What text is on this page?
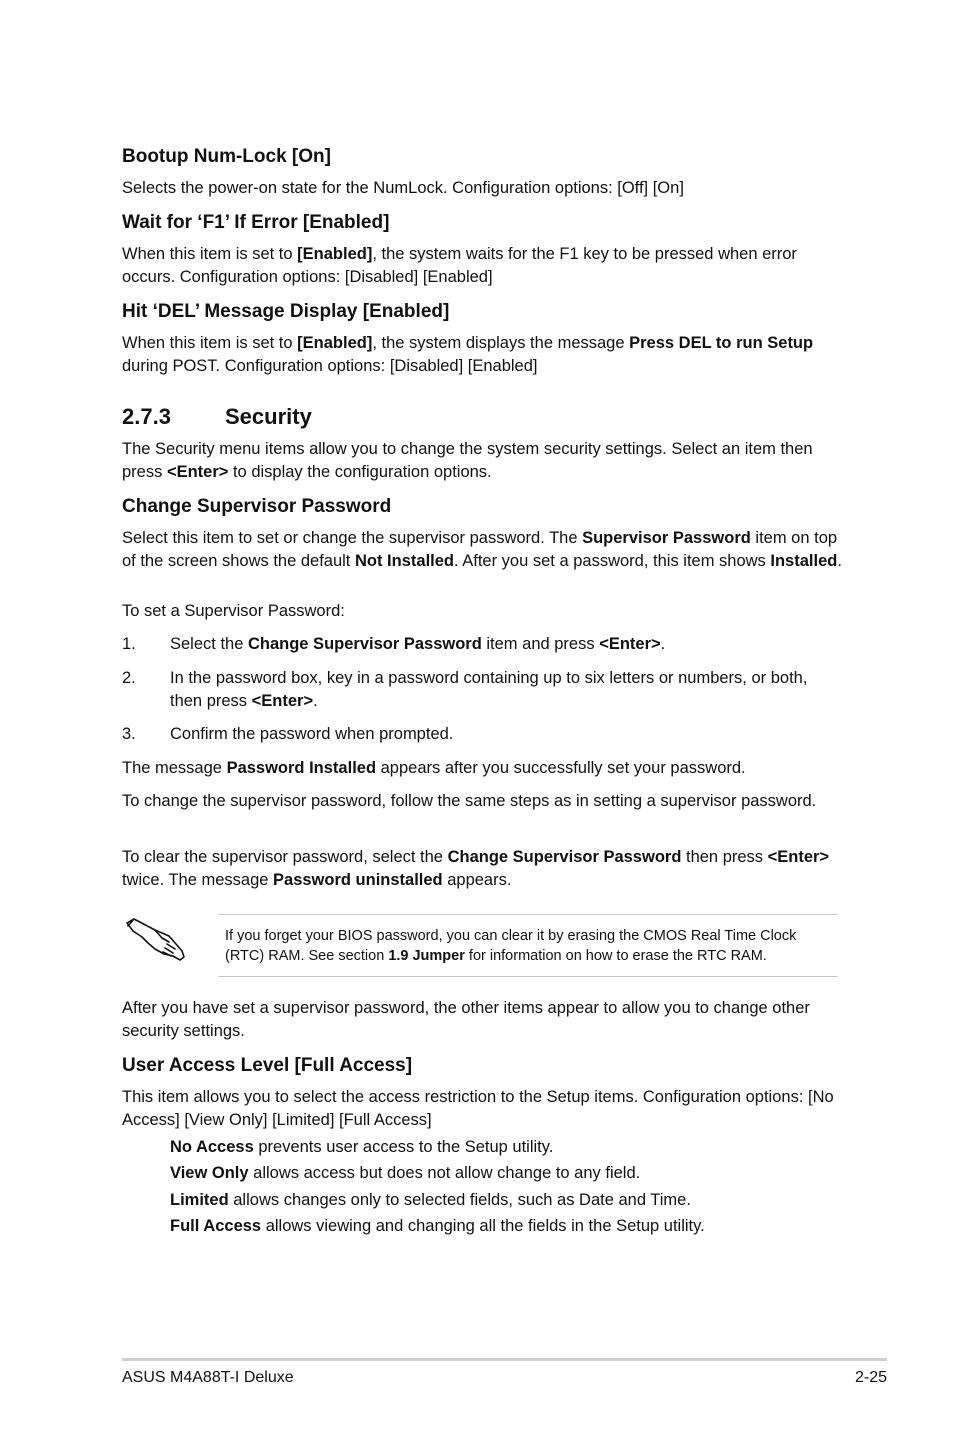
Bootup Num-Lock [On]
Selects the power-on state for the NumLock. Configuration options: [Off] [On]
Wait for ‘F1’ If Error [Enabled]
When this item is set to [Enabled], the system waits for the F1 key to be pressed when error occurs. Configuration options: [Disabled] [Enabled]
Hit ‘DEL’ Message Display [Enabled]
When this item is set to [Enabled], the system displays the message Press DEL to run Setup during POST. Configuration options: [Disabled] [Enabled]
2.7.3 Security
The Security menu items allow you to change the system security settings. Select an item then press <Enter> to display the configuration options.
Change Supervisor Password
Select this item to set or change the supervisor password. The Supervisor Password item on top of the screen shows the default Not Installed. After you set a password, this item shows Installed.
To set a Supervisor Password:
1. Select the Change Supervisor Password item and press <Enter>.
2. In the password box, key in a password containing up to six letters or numbers, or both, then press <Enter>.
3. Confirm the password when prompted.
The message Password Installed appears after you successfully set your password.
To change the supervisor password, follow the same steps as in setting a supervisor password.
To clear the supervisor password, select the Change Supervisor Password then press <Enter> twice. The message Password uninstalled appears.
If you forget your BIOS password, you can clear it by erasing the CMOS Real Time Clock (RTC) RAM. See section 1.9 Jumper for information on how to erase the RTC RAM.
After you have set a supervisor password, the other items appear to allow you to change other security settings.
User Access Level [Full Access]
This item allows you to select the access restriction to the Setup items. Configuration options: [No Access] [View Only] [Limited] [Full Access]
No Access prevents user access to the Setup utility.
View Only allows access but does not allow change to any field.
Limited allows changes only to selected fields, such as Date and Time.
Full Access allows viewing and changing all the fields in the Setup utility.
ASUS M4A88T-I Deluxe	2-25
